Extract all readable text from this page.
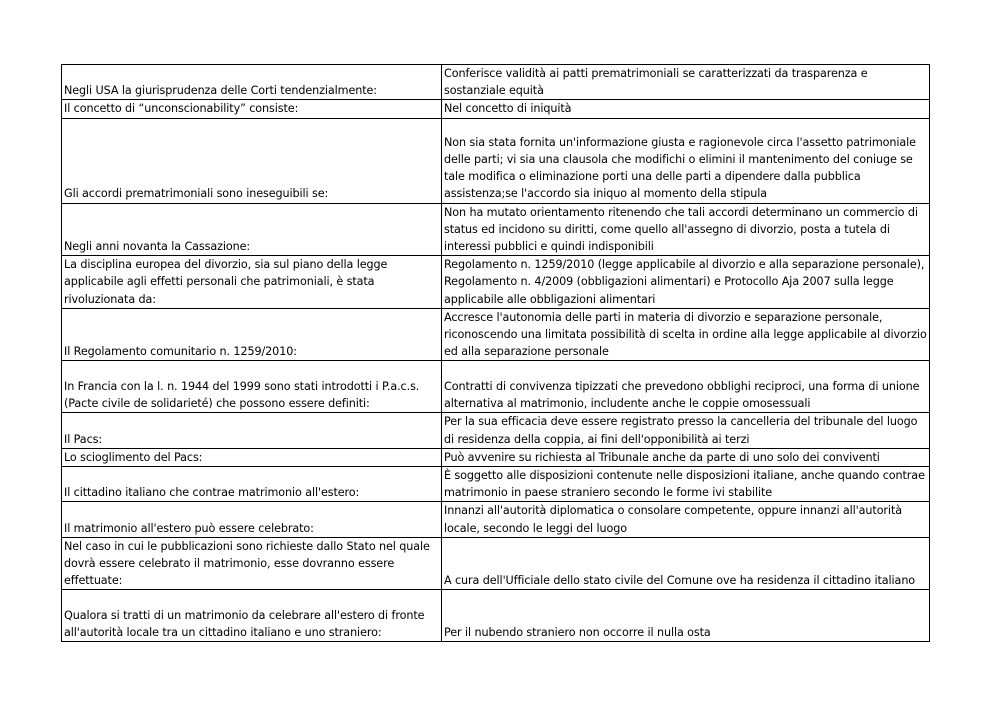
Negli USA la giurisprudenza delle Corti tendenzialmente:	Conferisce validità ai patti prematrimoniali se caratterizzati da trasparenza e sostanziale equità
Il concetto di “unconscionability” consiste:	Nel concetto di iniquità
Gli accordi prematrimoniali sono ineseguibili se:	Non sia stata fornita un'informazione giusta e ragionevole circa l'assetto patrimoniale delle parti; vi sia una clausola che modifichi o elimini il mantenimento del coniuge se tale modifica o eliminazione porti una delle parti a dipendere dalla pubblica assistenza;se l'accordo sia iniquo al momento della stipula
Negli anni novanta la Cassazione:	Non ha mutato orientamento ritenendo che tali accordi determinano un commercio di status ed incidono su diritti, come quello all'assegno di divorzio, posta a tutela di interessi pubblici e quindi indisponibili
La disciplina europea del divorzio, sia sul piano della legge applicabile agli effetti personali che patrimoniali, è stata rivoluzionata da:	Regolamento n. 1259/2010 (legge applicabile al divorzio e alla separazione personale), Regolamento n. 4/2009 (obbligazioni alimentari) e Protocollo Aja 2007 sulla legge applicabile alle obbligazioni alimentari
Il Regolamento comunitario n. 1259/2010:	Accresce l'autonomia delle parti in materia di divorzio e separazione personale, riconoscendo una limitata possibilità di scelta in ordine alla legge applicabile al divorzio ed alla separazione personale
In Francia con la l. n. 1944 del 1999 sono stati introdotti i P.a.c.s. (Pacte civile de solidarieté) che possono essere definiti:	Contratti di convivenza tipizzati che prevedono obblighi reciproci, una forma di unione alternativa al matrimonio, includente anche le coppie omosessuali
Il Pacs:	Per la sua efficacia deve essere registrato presso la cancelleria del tribunale del luogo di residenza della coppia, ai fini dell'opponibilità ai terzi
Lo scioglimento del Pacs:	Può avvenire su richiesta al Tribunale anche da parte di uno solo dei conviventi
Il cittadino italiano che contrae matrimonio all'estero:	È soggetto alle disposizioni contenute nelle disposizioni italiane, anche quando contrae matrimonio in paese straniero secondo le forme ivi stabilite
Il matrimonio all'estero può essere celebrato:	Innanzi all'autorità diplomatica o consolare competente, oppure innanzi all'autorità locale, secondo le leggi del luogo
Nel caso in cui le pubblicazioni sono richieste dallo Stato nel quale dovrà essere celebrato il matrimonio, esse dovranno essere effettuate:	A cura dell'Ufficiale dello stato civile del Comune ove ha residenza il cittadino italiano
Qualora si tratti di un matrimonio da celebrare all'estero di fronte all'autorità locale tra un cittadino italiano e uno straniero:	Per il nubendo straniero non occorre il nulla osta
